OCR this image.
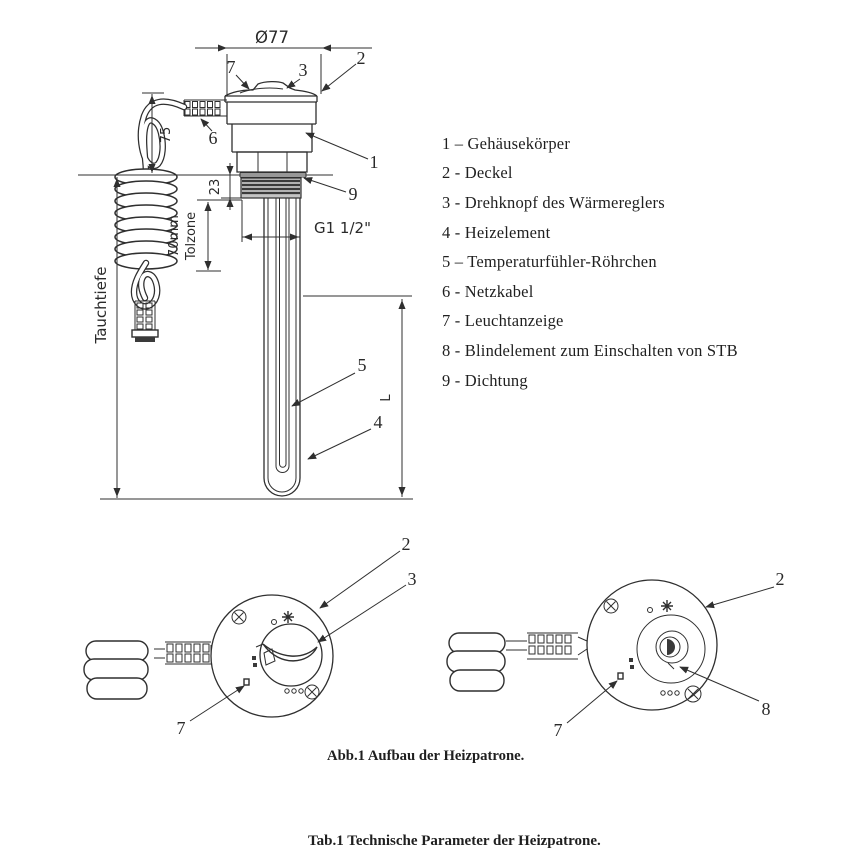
Ø77
75
23
70mm Tolzone
Tauchtiefe
L
G1 1/2"
7	3
2
1
9
6
5
4
1 – Gehäusekörper
2 - Deckel
3 - Drehknopf des Wärmereglers
4 - Heizelement
5 – Temperaturfühler-Röhrchen
6 - Netzkabel
7 - Leuchtanzeige
8 - Blindelement zum Einschalten von STB
9 - Dichtung
2
3
7
2
8
7
Abb.1 Aufbau der Heizpatrone.
Tab.1 Technische Parameter der Heizpatrone.
